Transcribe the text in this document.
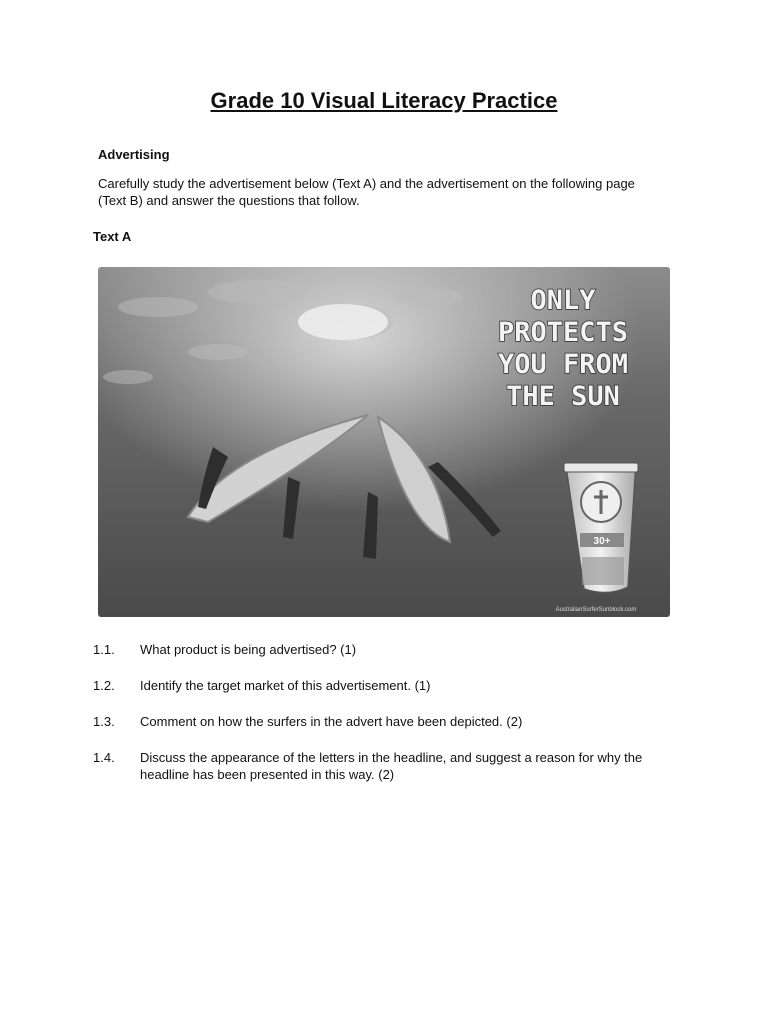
Grade 10 Visual Literacy Practice
Advertising
Carefully study the advertisement below (Text A) and the advertisement on the following page (Text B) and answer the questions that follow.
Text A
ONLY
PROTECTS
YOU FROM
THE SUN
30+
AustralianSurferSunblock.com
1.1.	What product is being advertised? (1)
1.2.	Identify the target market of this advertisement. (1)
1.3.	Comment on how the surfers in the advert have been depicted. (2)
1.4.	Discuss the appearance of the letters in the headline, and suggest a reason for why the headline has been presented in this way. (2)
